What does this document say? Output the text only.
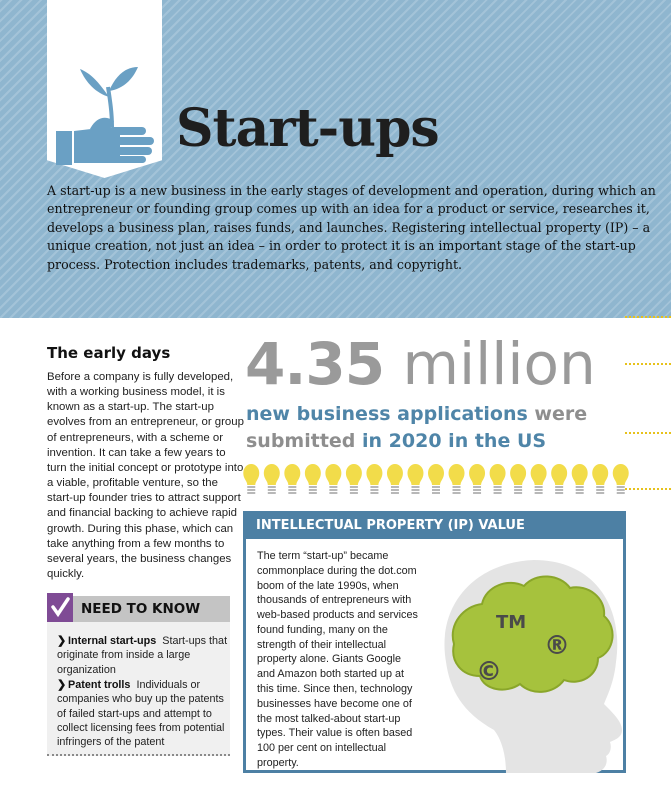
Start-ups

A start-up is a new business in the early stages of development and operation, during which an entrepreneur or founding group comes up with an idea for a product or service, researches it, develops a business plan, raises funds, and launches. Registering intellectual property (IP) – a unique creation, not just an idea – in order to protect it is an important stage of the start-up process. Protection includes trademarks, patents, and copyright.

The early days

Before a company is fully developed, with a working business model, it is known as a start-up. The start-up evolves from an entrepreneur, or group of entrepreneurs, with a scheme or invention. It can take a few years to turn the initial concept or prototype into a viable, profitable venture, so the start-up founder tries to attract support and financial backing to achieve rapid growth. During this phase, which can take anything from a few months to several years, the business changes quickly.

4.35 million
new business applications were
submitted in 2020 in the US
NEED TO KNOW
❯ Internal start-ups Start-ups that originate from inside a large organization
❯ Patent trolls Individuals or companies who buy up the patents of failed start-ups and attempt to collect licensing fees from potential infringers of the patent
INTELLECTUAL PROPERTY (IP) VALUE

The term “start-up” became commonplace during the dot.com boom of the late 1990s, when thousands of entrepreneurs with web-based products and services found funding, many on the strength of their intellectual property alone. Giants Google and Amazon both started up at this time. Since then, technology businesses have become one of the most talked-about start-up types. Their value is often based 100 per cent on intellectual property.

TM
®
©
